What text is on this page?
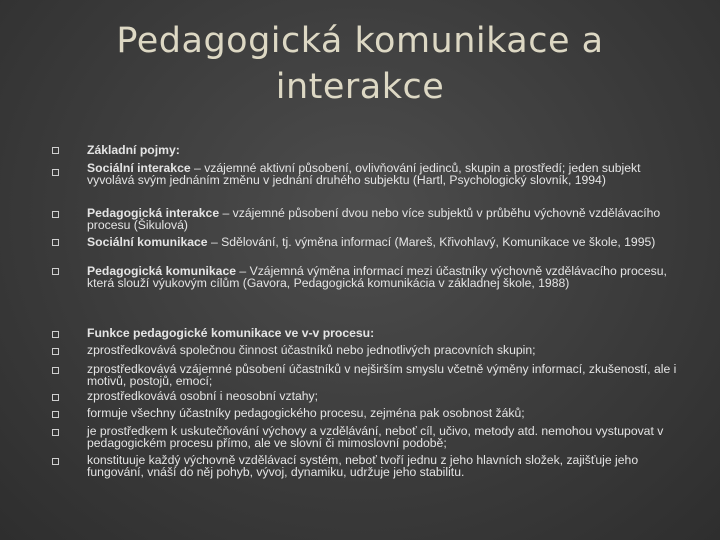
Pedagogická komunikace a
interakce
Základní pojmy:
Sociální interakce – vzájemné aktivní působení, ovlivňování jedinců, skupin a prostředí; jeden subjekt vyvolává svým jednáním změnu v jednání druhého subjektu (Hartl, Psychologický slovník, 1994)
Pedagogická interakce – vzájemné působení dvou nebo více subjektů v průběhu výchovně vzdělávacího procesu (Šikulová)
Sociální komunikace – Sdělování, tj. výměna informací (Mareš, Křivohlavý, Komunikace ve škole, 1995)
Pedagogická komunikace – Vzájemná výměna informací mezi účastníky výchovně vzdělávacího procesu, která slouží výukovým cílům (Gavora, Pedagogická komunikácia v základnej škole, 1988)
Funkce pedagogické komunikace ve v-v procesu:
zprostředkovává společnou činnost účastníků nebo jednotlivých pracovních skupin;
zprostředkovává vzájemné působení účastníků v nejširším smyslu včetně výměny informací, zkušeností, ale i motivů, postojů, emocí;
zprostředkovává osobní i neosobní vztahy;
formuje všechny účastníky pedagogického procesu, zejména pak osobnost žáků;
je prostředkem k uskutečňování výchovy a vzdělávání, neboť cíl, učivo, metody atd. nemohou vystupovat v pedagogickém procesu přímo, ale ve slovní či mimoslovní podobě;
konstituuje každý výchovně vzdělávací systém, neboť tvoří jednu z jeho hlavních složek, zajišťuje jeho fungování, vnáší do něj pohyb, vývoj, dynamiku, udržuje jeho stabilitu.
